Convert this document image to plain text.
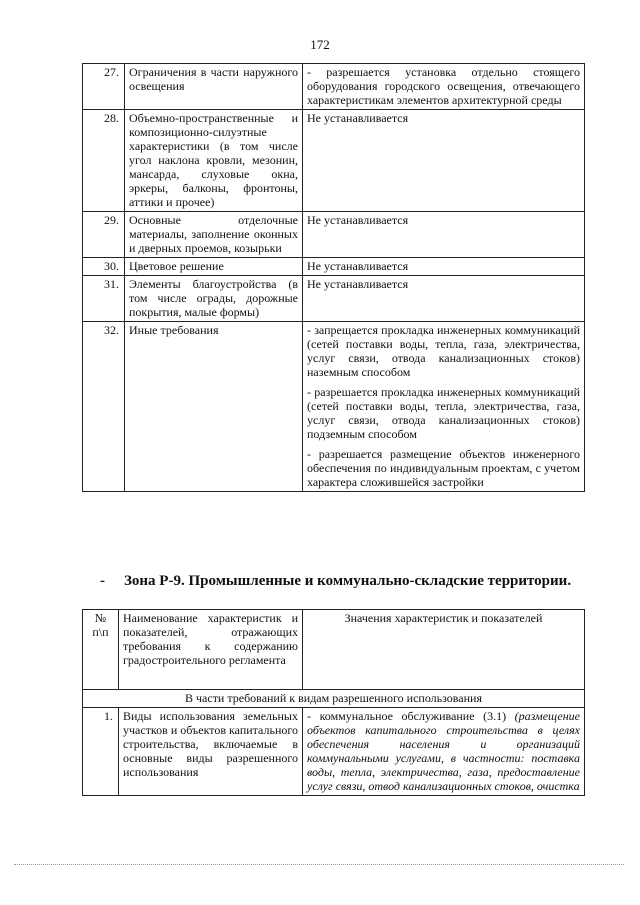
172
27.	Ограничения в части наружного освещения	- разрешается установка отдельно стоящего оборудования городского освещения, отвечающего характеристикам элементов архитектурной среды

28.	Объемно-пространственные и композиционно-силуэтные характеристики (в том числе угол наклона кровли, мезонин, мансарда, слуховые окна, эркеры, балконы, фронтоны, аттики и прочее)	Не устанавливается

29.	Основные отделочные материалы, заполнение оконных и дверных проемов, козырьки	Не устанавливается

30.	Цветовое решение	Не устанавливается

31.	Элементы благоустройства (в том числе ограды, дорожные покрытия, малые формы)	Не устанавливается

32.	Иные требования	- запрещается прокладка инженерных коммуникаций (сетей поставки воды, тепла, газа, электричества, услуг связи, отвода канализационных стоков) наземным способом
- разрешается прокладка инженерных коммуникаций (сетей поставки воды, тепла, электричества, газа, услуг связи, отвода канализационных стоков) подземным способом
- разрешается размещение объектов инженерного обеспечения по индивидуальным проектам, с учетом характера сложившейся застройки
- Зона Р-9. Промышленные и коммунально-складские территории.
№ п\п	Наименование характеристик и показателей, отражающих требования к содержанию градостроительного регламента	Значения характеристик и показателей
В части требований к видам разрешенного использования		
1.	Виды использования земельных участков и объектов капитального строительства, включаемые в основные виды разрешенного использования	- коммунальное обслуживание (3.1) (размещение объектов капитального строительства в целях обеспечения населения и организаций коммунальными услугами, в частности: поставка воды, тепла, электричества, газа, предоставление услуг связи, отвод канализационных стоков, очистка
